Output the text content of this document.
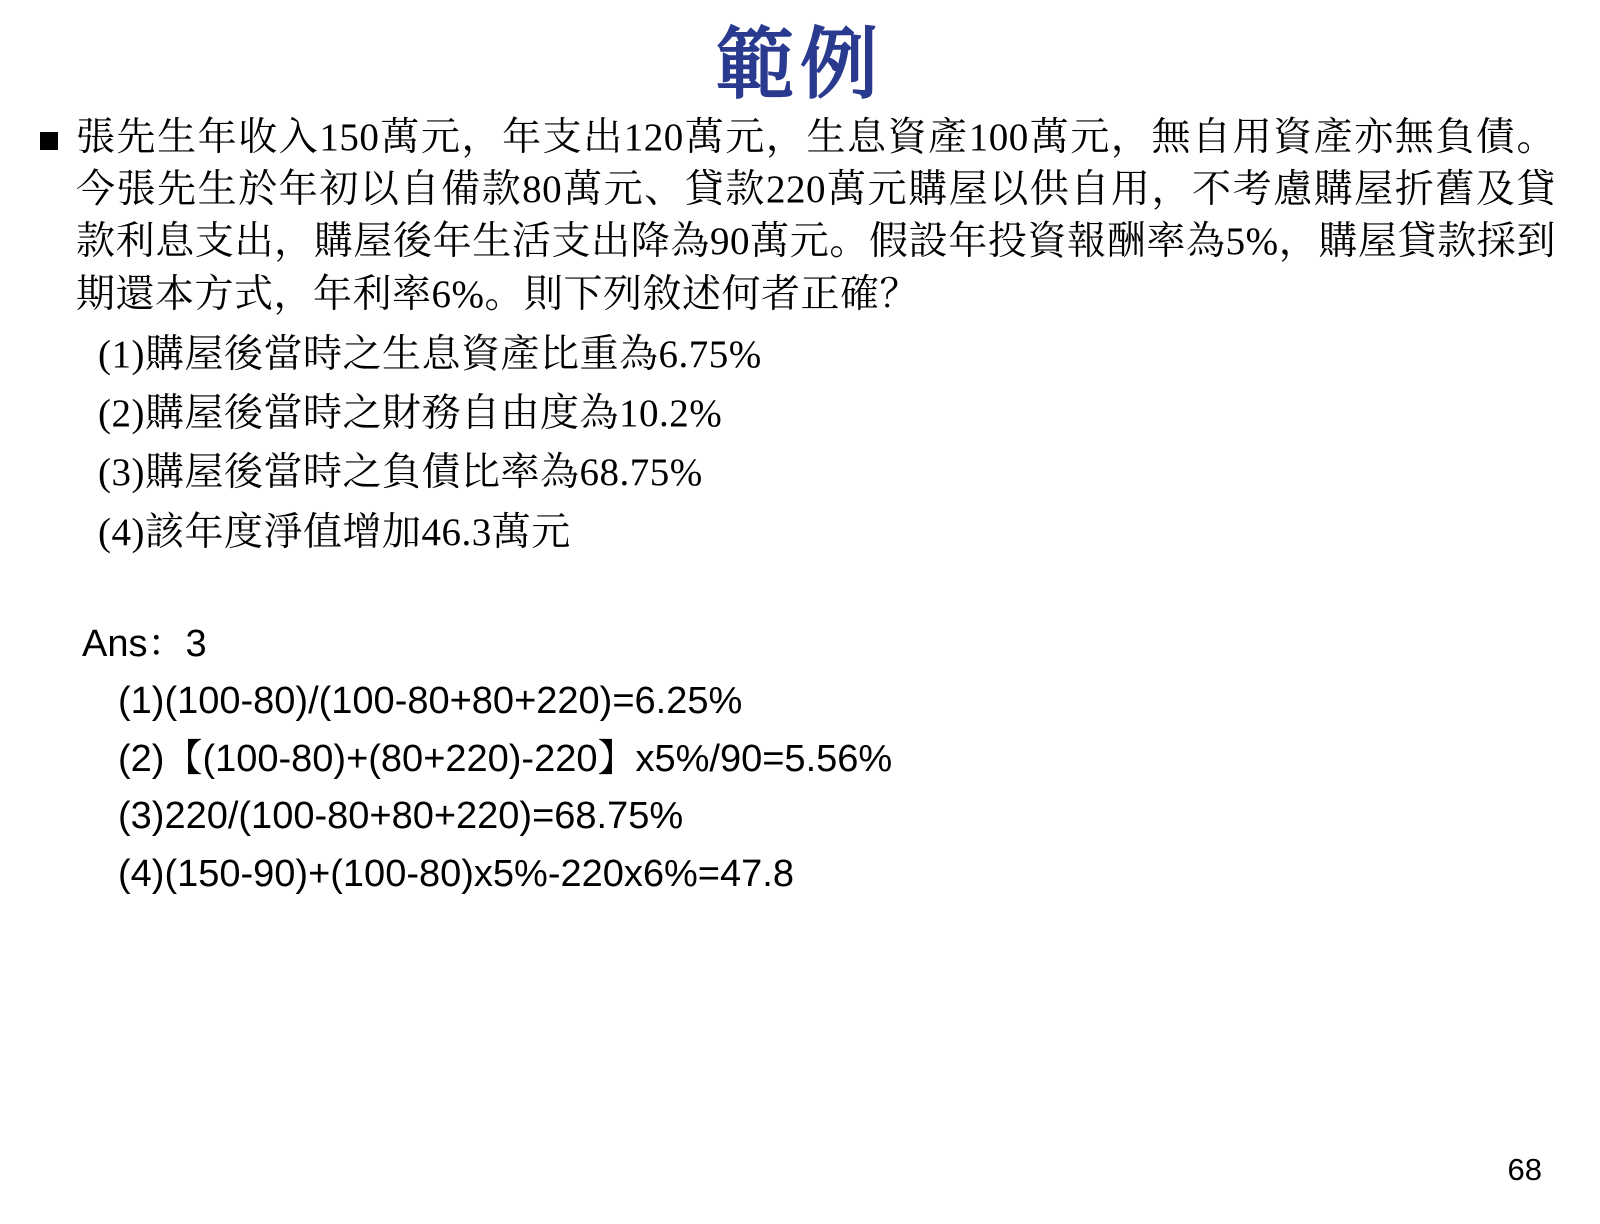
範例
張先生年收入150萬元，年支出120萬元，生息資產100萬元，無自用資產亦無負債。今張先生於年初以自備款80萬元、貸款220萬元購屋以供自用，不考慮購屋折舊及貸款利息支出，購屋後年生活支出降為90萬元。假設年投資報酬率為5%，購屋貸款採到期還本方式，年利率6%。則下列敘述何者正確？
(1)購屋後當時之生息資產比重為6.75%
(2)購屋後當時之財務自由度為10.2%
(3)購屋後當時之負債比率為68.75%
(4)該年度淨值增加46.3萬元
Ans：3
(1)(100-80)/(100-80+80+220)=6.25%
(2)【(100-80)+(80+220)-220】x5%/90=5.56%
(3)220/(100-80+80+220)=68.75%
(4)(150-90)+(100-80)x5%-220x6%=47.8
68
